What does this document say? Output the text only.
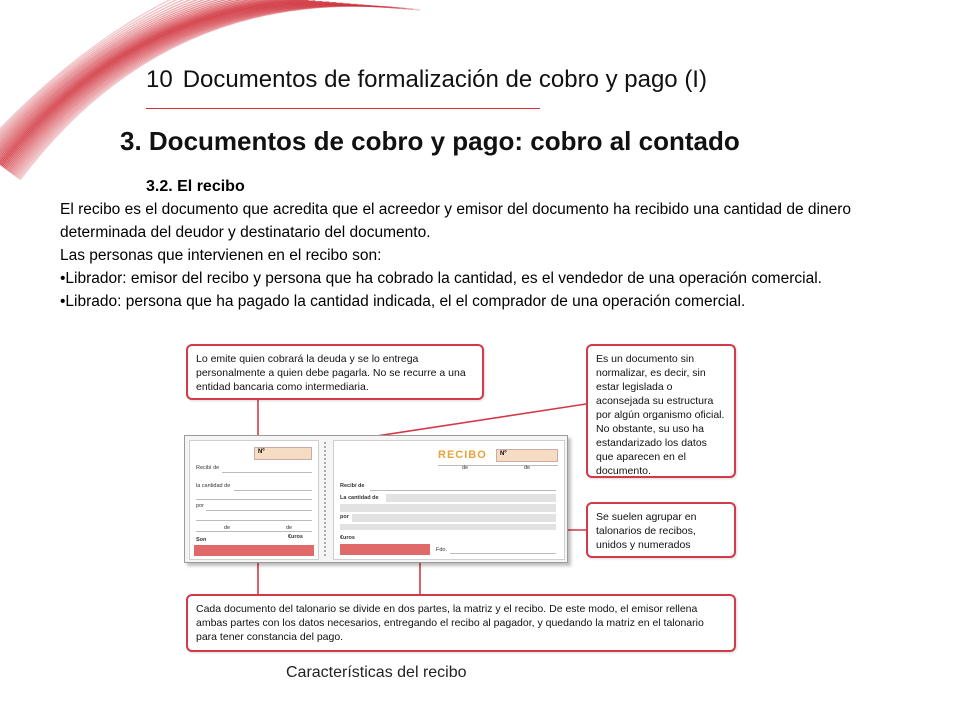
10 Documentos de formalización de cobro y pago (I)
3. Documentos de cobro y pago: cobro al contado
3.2. El recibo

El recibo es el documento que acredita que el acreedor y emisor del documento ha recibido una cantidad de dinero determinada del deudor y destinatario del documento.

Las personas que intervienen en el recibo son:

•Librador: emisor del recibo y persona que ha cobrado la cantidad, es el vendedor de una operación comercial.

•Librado: persona que ha pagado la cantidad indicada, el el comprador de una operación comercial.

Lo emite quien cobrará la deuda y se lo entrega personalmente a quien debe pagarla. No se recurre a una entidad bancaria como intermediaria.
Es un documento sin normalizar, es decir, sin estar legislada o aconsejada su estructura por algún organismo oficial. No obstante, su uso ha estandarizado los datos que aparecen en el documento.
Se suelen agrupar en talonarios de recibos, unidos y numerados
Cada documento del talonario se divide en dos partes, la matriz y el recibo. De este modo, el emisor rellena ambas partes con los datos necesarios, entregando el recibo al pagador, y quedando la matriz en el talonario para tener constancia del pago.
Nº
Recibí de
la cantidad de
por
de	de
Son	€uros
RECIBO	Nº
de	de
Recibí de
La cantidad de
por
€uros
Fdo.
Características del recibo
